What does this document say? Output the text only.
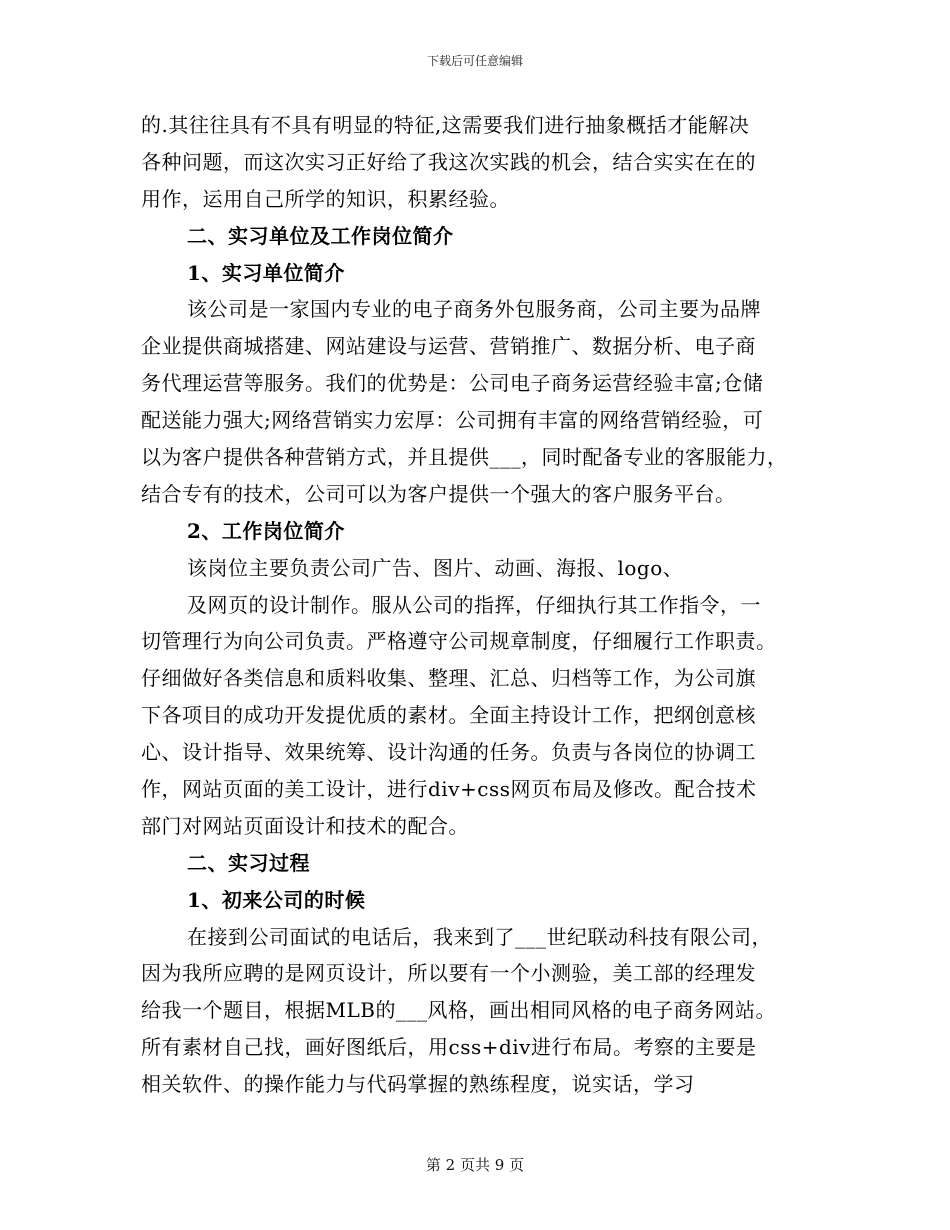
下载后可任意编辑
的.其往往具有不具有明显的特征,这需要我们进行抽象概括才能解决
各种问题，而这次实习正好给了我这次实践的机会，结合实实在在的
用作，运用自己所学的知识，积累经验。
二、实习单位及工作岗位简介
1、实习单位简介
该公司是一家国内专业的电子商务外包服务商，公司主要为品牌
企业提供商城搭建、网站建设与运营、营销推广、数据分析、电子商
务代理运营等服务。我们的优势是：公司电子商务运营经验丰富;仓储
配送能力强大;网络营销实力宏厚：公司拥有丰富的网络营销经验，可
以为客户提供各种营销方式，并且提供___，同时配备专业的客服能力，
结合专有的技术，公司可以为客户提供一个强大的客户服务平台。
2、工作岗位简介
该岗位主要负责公司广告、图片、动画、海报、logo、
及网页的设计制作。服从公司的指挥，仔细执行其工作指令，一
切管理行为向公司负责。严格遵守公司规章制度，仔细履行工作职责。
仔细做好各类信息和质料收集、整理、汇总、归档等工作，为公司旗
下各项目的成功开发提优质的素材。全面主持设计工作，把纲创意核
心、设计指导、效果统筹、设计沟通的任务。负责与各岗位的协调工
作，网站页面的美工设计，进行div+css网页布局及修改。配合技术
部门对网站页面设计和技术的配合。
二、实习过程
1、初来公司的时候
在接到公司面试的电话后，我来到了___世纪联动科技有限公司，
因为我所应聘的是网页设计，所以要有一个小测验，美工部的经理发
给我一个题目，根据MLB的___风格，画出相同风格的电子商务网站。
所有素材自己找，画好图纸后，用css+div进行布局。考察的主要是
相关软件、的操作能力与代码掌握的熟练程度，说实话，学习
第 2 页共 9 页
